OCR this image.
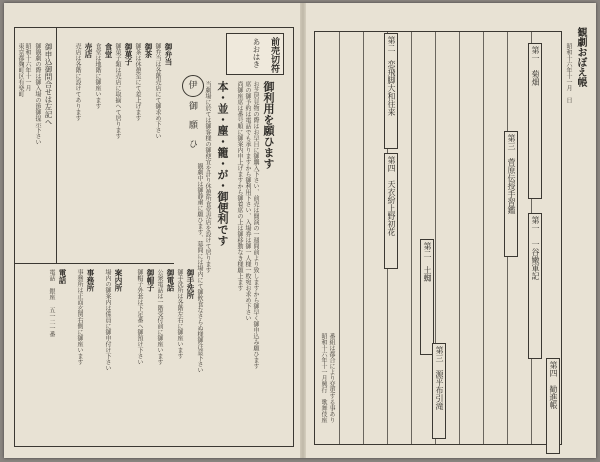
前売切符
あおはき
御利用を願ひます
お芝居見物の際はお早目に御購入下さい、前売は開演の一週間前より致しますから御早く御申込み願ひます
席の御予約は電話でも承りますから御利用下さい、入場券は御一人様一枚宛お求め下さい
尚御座席は番号順に御案内申上げますから御着席の上は御移動なき様願上ます
本・並・塵・籠・が・御便利です
伊
御 願 ひ 当劇場に於ては御客様の御便宜を計り休憩所食堂売店を設けて居ります
観劇中は御静粛に願ひます、幕間には場内にて御飲食なさらぬ様御注意下さい
御弁当
御弁当は各階売店にて御求め下さい
御茶
御茶は休憩室にて差上げます
御菓子
御菓子類は売店に取揃へて居ります
食堂
食堂は地階に御座います
売店
売店は各階に設けてあります
御申込御問合せは左記へ
御観劇の際は御入場の節御提示下さい
昭和十六年十一月
東京都麹町区有楽町
御手洗所
御手洗所は各階左右に御座います
御電話
公衆電話は一階受付前に御座います
御帽子
御帽子外套は下足番へ御預け下さい
案内所
場内の御案内は係員に御申付け下さい
事務所
事務所は正面玄関右側に御座います
電話
電話 銀座 五一二一番
観劇おぼえ帳
昭和十六年十一月　日
第一　菊畑
第三　菅原伝授手習鑑
第二　恋飛脚大和往来
第四　天衣紛上野初花
第一　一谷嫩軍記
第二　土蜘
第三　源平布引滝	第四　勧進帳
昭和十六年十一月興行　歌舞伎座 番組は都合により変更する事あり
